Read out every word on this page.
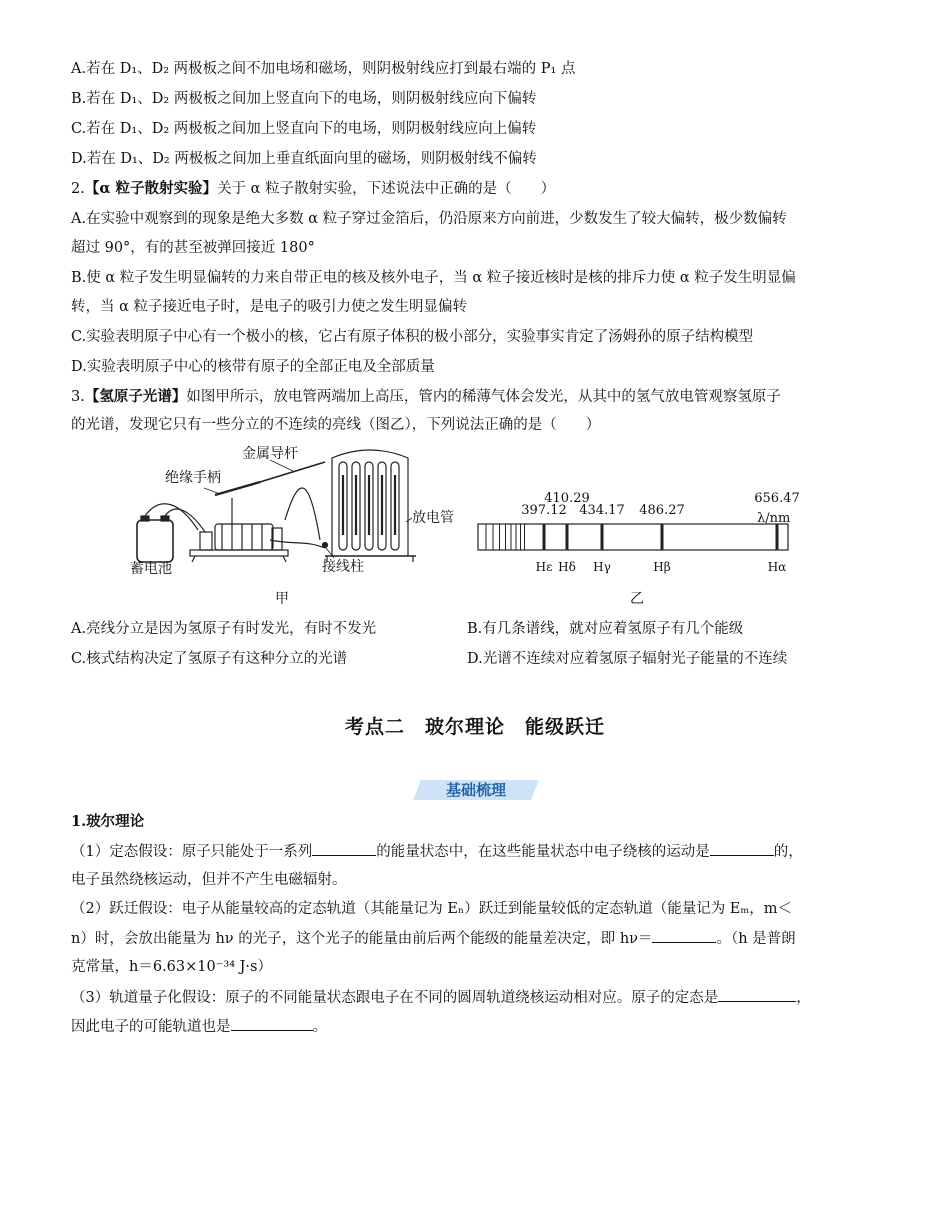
A.若在 D₁、D₂ 两极板之间不加电场和磁场，则阴极射线应打到最右端的 P₁ 点
B.若在 D₁、D₂ 两极板之间加上竖直向下的电场，则阴极射线应向下偏转
C.若在 D₁、D₂ 两极板之间加上竖直向下的电场，则阴极射线应向上偏转
D.若在 D₁、D₂ 两极板之间加上垂直纸面向里的磁场，则阴极射线不偏转
2.【α 粒子散射实验】关于 α 粒子散射实验，下述说法中正确的是（　　）
A.在实验中观察到的现象是绝大多数 α 粒子穿过金箔后，仍沿原来方向前进，少数发生了较大偏转，极少数偏转
超过 90°，有的甚至被弹回接近 180°
B.使 α 粒子发生明显偏转的力来自带正电的核及核外电子，当 α 粒子接近核时是核的排斥力使 α 粒子发生明显偏
转，当 α 粒子接近电子时，是电子的吸引力使之发生明显偏转
C.实验表明原子中心有一个极小的核，它占有原子体积的极小部分，实验事实肯定了汤姆孙的原子结构模型
D.实验表明原子中心的核带有原子的全部正电及全部质量
3.【氢原子光谱】如图甲所示，放电管两端加上高压，管内的稀薄气体会发光，从其中的氢气放电管观察氢原子
的光谱，发现它只有一些分立的不连续的亮线（图乙），下列说法正确的是（　　）
金属导杆
绝缘手柄
放电管
蓄电池	接线柱
甲
397.12
Hε
410.29
Hδ
434.17
Hγ
486.27
Hβ
656.47
Hα
λ/nm
乙
A.亮线分立是因为氢原子有时发光，有时不发光	B.有几条谱线，就对应着氢原子有几个能级
C.核式结构决定了氢原子有这种分立的光谱	D.光谱不连续对应着氢原子辐射光子能量的不连续
考点二　玻尔理论　能级跃迁
基础梳理
1.玻尔理论
（1）定态假设：原子只能处于一系列	的能量状态中，在这些能量状态中电子绕核的运动是	的，
电子虽然绕核运动，但并不产生电磁辐射。
（2）跃迁假设：电子从能量较高的定态轨道（其能量记为 Eₙ）跃迁到能量较低的定态轨道（能量记为 Eₘ，m＜
n）时，会放出能量为 hν 的光子，这个光子的能量由前后两个能级的能量差决定，即 hν＝	。（h 是普朗
克常量，h＝6.63×10⁻³⁴ J·s）
（3）轨道量子化假设：原子的不同能量状态跟电子在不同的圆周轨道绕核运动相对应。原子的定态是	，
因此电子的可能轨道也是	。
